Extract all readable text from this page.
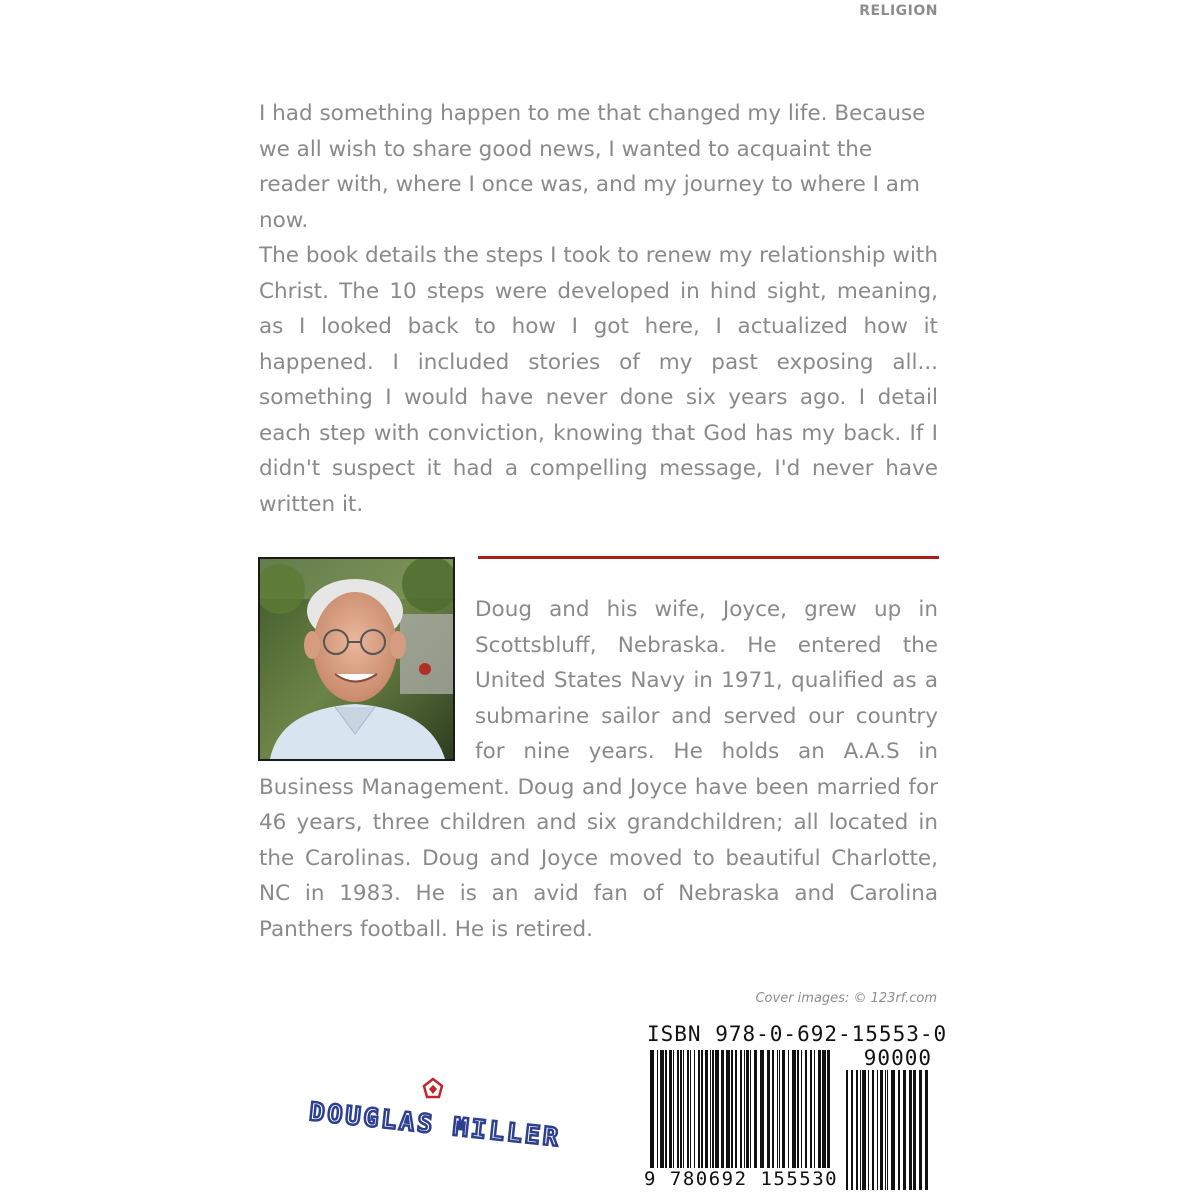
RELIGION

I had something happen to me that changed my life. Because we all wish to share good news, I wanted to acquaint the reader with, where I once was, and my journey to where I am now.

The book details the steps I took to renew my relationship with Christ. The 10 steps were developed in hind sight, meaning, as I looked back to how I got here, I actualized how it happened. I included stories of my past exposing all... something I would have never done six years ago. I detail each step with conviction, knowing that God has my back. If I didn't suspect it had a compelling message, I'd never have written it.

Doug and his wife, Joyce, grew up in Scottsbluff, Nebraska. He entered the United States Navy in 1971, qualified as a submarine sailor and served our country for nine years. He holds an A.A.S in Business Management. Doug and Joyce have been married for 46 years, three children and six grandchildren; all located in the Carolinas. Doug and Joyce moved to beautiful Charlotte, NC in 1983. He is an avid fan of Nebraska and Carolina Panthers football. He is retired.

Cover images: © 123rf.com
DOUGLAS MILLER
ISBN 978-0-692-15553-0
90000
9 780692 155530
